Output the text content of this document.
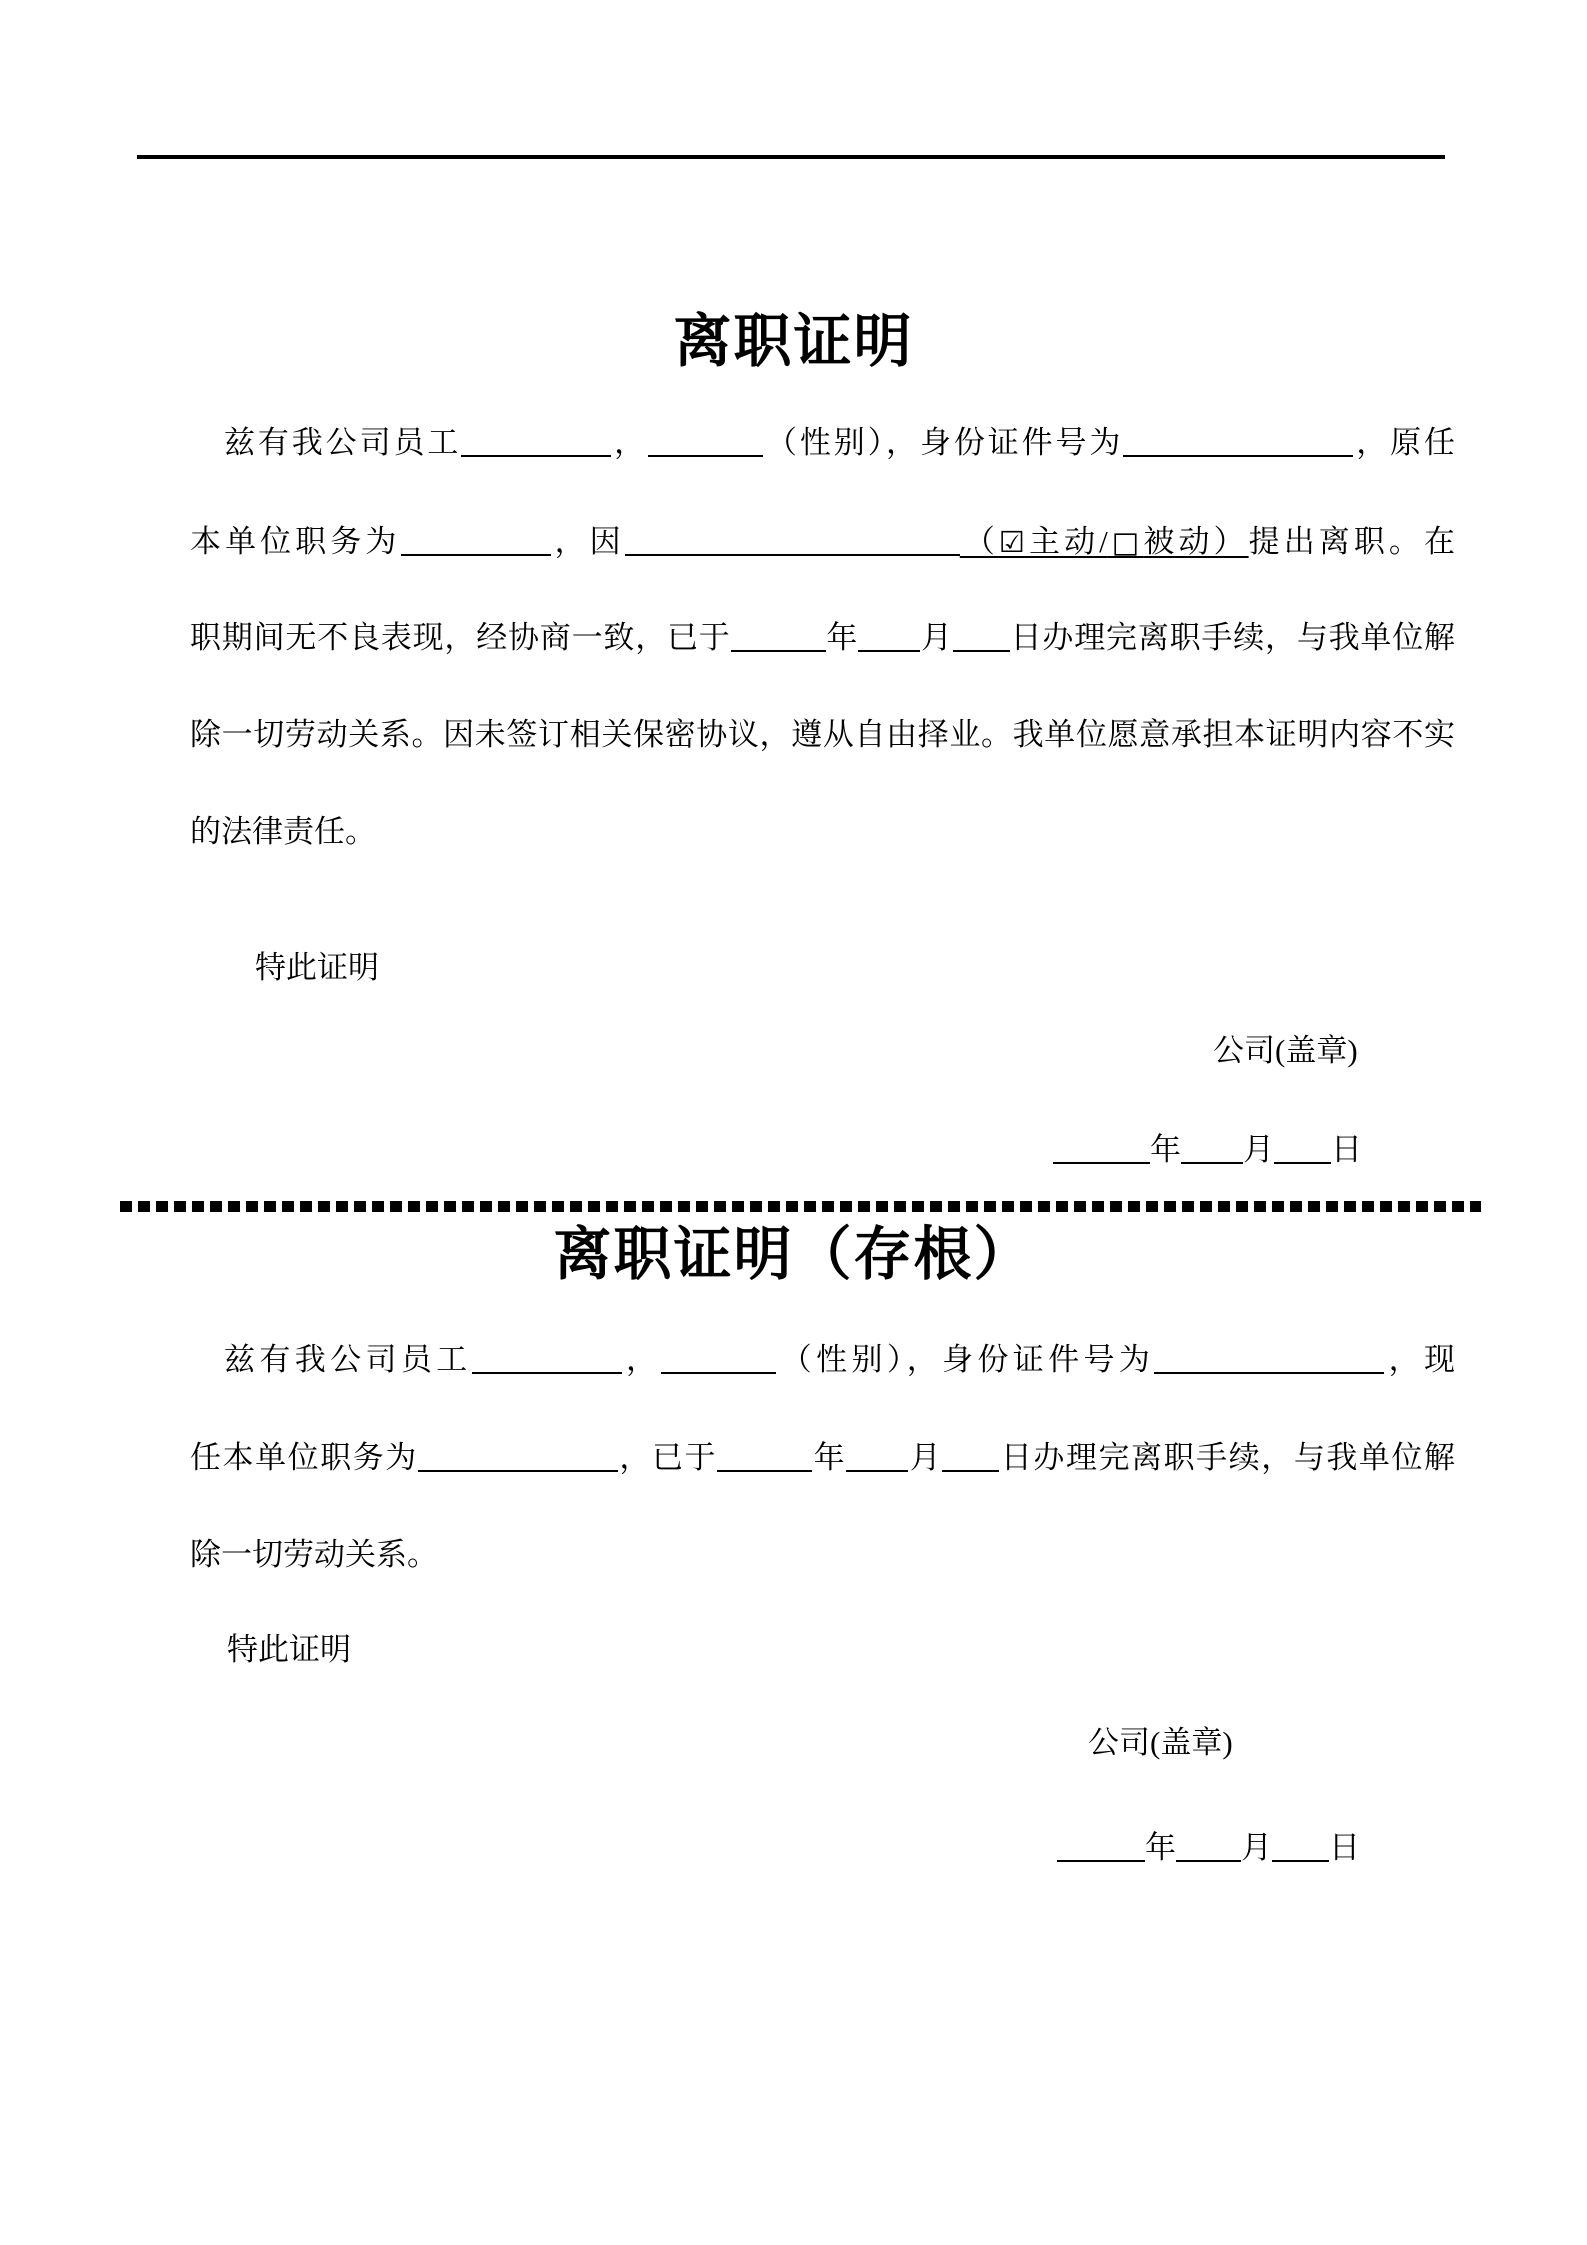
离职证明
兹有我公司员工	，	（性别），身份证件号为	，原任
本单位职务为	，因	（☑主动/□被动）提出离职。在
职期间无不良表现，经协商一致，已于	年 月 日办理完离职手续，与我单位解
除一切劳动关系。因未签订相关保密协议，遵从自由择业。我单位愿意承担本证明内容不实
的法律责任。
特此证明
公司(盖章)
年 月 日
兹有我公司员工	，	（性别），身份证件号为	，现
任本单位职务为	，已于	年 月 日办理完离职手续，与我单位解
除一切劳动关系。
特此证明
公司(盖章)
年 月 日
离职证明（存根）
